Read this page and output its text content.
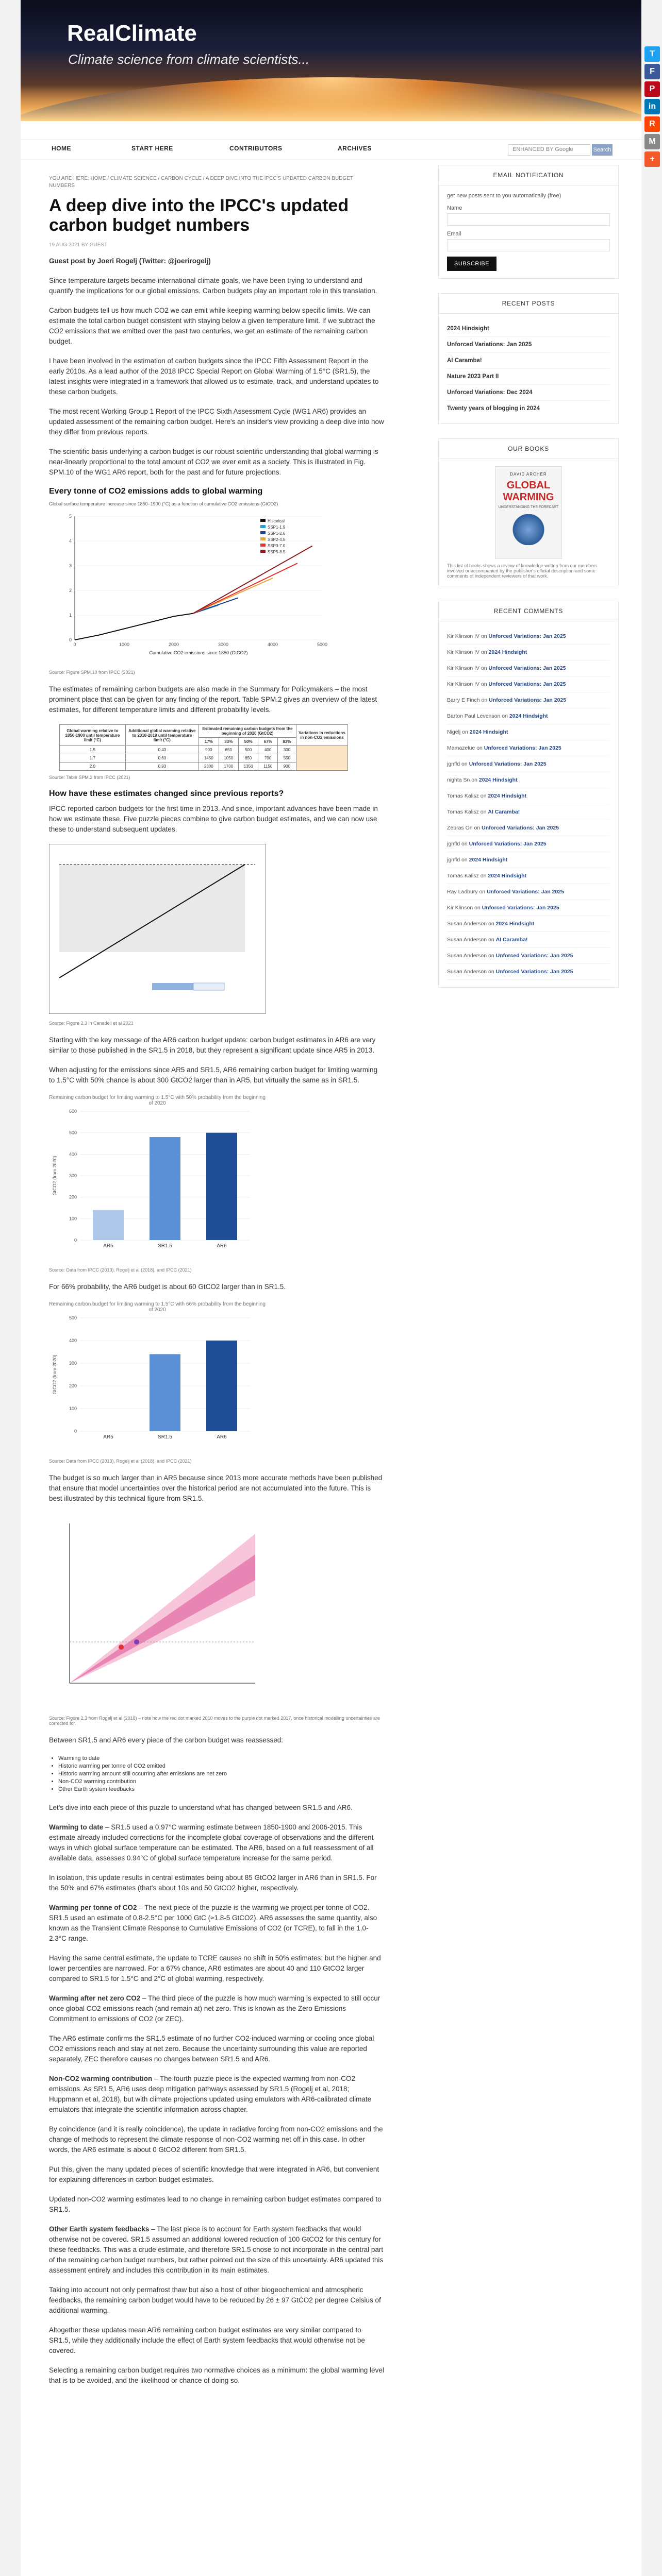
RealClimate
Climate science from climate scientists...	T
F
P
in
R
M
+
HOME	START HERE	CONTRIBUTORS	ARCHIVES	ENHANCED BY Google	Search
YOU ARE HERE: HOME / CLIMATE SCIENCE / CARBON CYCLE / A DEEP DIVE INTO THE IPCC'S UPDATED CARBON BUDGET NUMBERS
A deep dive into the IPCC's updated carbon budget numbers
19 AUG 2021 BY GUEST

Guest post by Joeri Rogelj (Twitter: @joerirogelj)

Since temperature targets became international climate goals, we have been trying to understand and quantify the implications for our global emissions. Carbon budgets play an important role in this translation.

Carbon budgets tell us how much CO2 we can emit while keeping warming below specific limits. We can estimate the total carbon budget consistent with staying below a given temperature limit. If we subtract the CO2 emissions that we emitted over the past two centuries, we get an estimate of the remaining carbon budget.

I have been involved in the estimation of carbon budgets since the IPCC Fifth Assessment Report in the early 2010s. As a lead author of the 2018 IPCC Special Report on Global Warming of 1.5°C (SR1.5), the latest insights were integrated in a framework that allowed us to estimate, track, and understand updates to these carbon budgets.

The most recent Working Group 1 Report of the IPCC Sixth Assessment Cycle (WG1 AR6) provides an updated assessment of the remaining carbon budget. Here's an insider's view providing a deep dive into how they differ from previous reports.

The scientific basis underlying a carbon budget is our robust scientific understanding that global warming is near-linearly proportional to the total amount of CO2 we ever emit as a society. This is illustrated in Fig. SPM.10 of the WG1 AR6 report, both for the past and for future projections.

Every tonne of CO2 emissions adds to global warming
Global surface temperature increase since 1850–1900 (°C) as a function of cumulative CO2 emissions (GtCO2)
0
1
2
3
4
5
0	1000	2000	3000	4000	5000
Historical
SSP1-1.9
SSP1-2.6
SSP2-4.5
SSP3-7.0
SSP5-8.5
Cumulative CO2 emissions since 1850 (GtCO2)
Source: Figure SPM.10 from IPCC (2021)

The estimates of remaining carbon budgets are also made in the Summary for Policymakers – the most prominent place that can be given for any finding of the report. Table SPM.2 gives an overview of the latest estimates, for different temperature limits and different probability levels.

Global warming relative to 1850-1900 until temperature limit (°C)	Additional global warming relative to 2010-2019 until temperature limit (°C)	Estimated remaining carbon budgets from the beginning of 2020 (GtCO2)					Variations in reductions in non-CO2 emissions
		17%	33%	50%	67%	83%	
1.5	0.43	900	650	500	400	300	
1.7	0.63	1450	1050	850	700	550	
2.0	0.93	2300	1700	1350	1150	900	
Source: Table SPM.2 from IPCC (2021)
How have these estimates changed since previous reports?

IPCC reported carbon budgets for the first time in 2013. And since, important advances have been made in how we estimate these. Five puzzle pieces combine to give carbon budget estimates, and we can now use these to understand subsequent updates.

Source: Figure 2.3 in Canadell et al 2021

Starting with the key message of the AR6 carbon budget update: carbon budget estimates in AR6 are very similar to those published in the SR1.5 in 2018, but they represent a significant update since AR5 in 2013.

When adjusting for the emissions since AR5 and SR1.5, AR6 remaining carbon budget for limiting warming to 1.5°C with 50% chance is about 300 GtCO2 larger than in AR5, but virtually the same as in SR1.5.

Remaining carbon budget for limiting warming to 1.5°C with 50% probability from the beginning of 2020
0
100
200
300
400
500
600
GtCO2 (from 2020)
AR5	SR1.5	AR6
Source: Data from IPCC (2013), Rogelj et al (2018), and IPCC (2021)

For 66% probability, the AR6 budget is about 60 GtCO2 larger than in SR1.5.

Remaining carbon budget for limiting warming to 1.5°C with 66% probability from the beginning of 2020
0
100
200
300
400
500
GtCO2 (from 2020)
AR5	SR1.5	AR6
Source: Data from IPCC (2013), Rogelj et al (2018), and IPCC (2021)

The budget is so much larger than in AR5 because since 2013 more accurate methods have been published that ensure that model uncertainties over the historical period are not accumulated into the future. This is best illustrated by this technical figure from SR1.5.

Source: Figure 2.3 from Rogelj et al (2018) – note how the red dot marked 2010 moves to the purple dot marked 2017, once historical modelling uncertainties are corrected for.

Between SR1.5 and AR6 every piece of the carbon budget was reassessed:

• Warming to date
• Historic warming per tonne of CO2 emitted
• Historic warming amount still occurring after emissions are net zero
• Non-CO2 warming contribution
• Other Earth system feedbacks

Let's dive into each piece of this puzzle to understand what has changed between SR1.5 and AR6.

Warming to date – SR1.5 used a 0.97°C warming estimate between 1850-1900 and 2006-2015. This estimate already included corrections for the incomplete global coverage of observations and the different ways in which global surface temperature can be estimated. The AR6, based on a full reassessment of all available data, assesses 0.94°C of global surface temperature increase for the same period.

In isolation, this update results in central estimates being about 85 GtCO2 larger in AR6 than in SR1.5. For the 50% and 67% estimates (that's about 10s and 50 GtCO2 higher, respectively.

Warming per tonne of CO2 – The next piece of the puzzle is the warming we project per tonne of CO2. SR1.5 used an estimate of 0.8-2.5°C per 1000 GtC (≈1.8-5 GtCO2). AR6 assesses the same quantity, also known as the Transient Climate Response to Cumulative Emissions of CO2 (or TCRE), to fall in the 1.0-2.3°C range.

Having the same central estimate, the update to TCRE causes no shift in 50% estimates; but the higher and lower percentiles are narrowed. For a 67% chance, AR6 estimates are about 40 and 110 GtCO2 larger compared to SR1.5 for 1.5°C and 2°C of global warming, respectively.

Warming after net zero CO2 – The third piece of the puzzle is how much warming is expected to still occur once global CO2 emissions reach (and remain at) net zero. This is known as the Zero Emissions Commitment to emissions of CO2 (or ZEC).

The AR6 estimate confirms the SR1.5 estimate of no further CO2-induced warming or cooling once global CO2 emissions reach and stay at net zero. Because the uncertainty surrounding this value are reported separately, ZEC therefore causes no changes between SR1.5 and AR6.

Non-CO2 warming contribution – The fourth puzzle piece is the expected warming from non-CO2 emissions. As SR1.5, AR6 uses deep mitigation pathways assessed by SR1.5 (Rogelj et al, 2018; Huppmann et al, 2018), but with climate projections updated using emulators with AR6-calibrated climate emulators that integrate the scientific information across chapter.

By coincidence (and it is really coincidence), the update in radiative forcing from non-CO2 emissions and the change of methods to represent the climate response of non-CO2 warming net off in this case. In other words, the AR6 estimate is about 0 GtCO2 different from SR1.5.

Put this, given the many updated pieces of scientific knowledge that were integrated in AR6, but convenient for explaining differences in carbon budget estimates.

Updated non-CO2 warming estimates lead to no change in remaining carbon budget estimates compared to SR1.5.

Other Earth system feedbacks – The last piece is to account for Earth system feedbacks that would otherwise not be covered. SR1.5 assumed an additional lowered reduction of 100 GtCO2 for this century for these feedbacks. This was a crude estimate, and therefore SR1.5 chose to not incorporate in the central part of the remaining carbon budget numbers, but rather pointed out the size of this uncertainty. AR6 updated this assessment entirely and includes this contribution in its main estimates.

Taking into account not only permafrost thaw but also a host of other biogeochemical and atmospheric feedbacks, the remaining carbon budget would have to be reduced by 26 ± 97 GtCO2 per degree Celsius of additional warming.

Altogether these updates mean AR6 remaining carbon budget estimates are very similar compared to SR1.5, while they additionally include the effect of Earth system feedbacks that would otherwise not be covered.

Selecting a remaining carbon budget requires two normative choices as a minimum: the global warming level that is to be avoided, and the likelihood or chance of doing so.

EMAIL NOTIFICATION
get new posts sent to you automatically (free)

Name
Email
SUBSCRIBE
RECENT POSTS
2024 Hindsight
Unforced Variations: Jan 2025
AI Caramba!
Nature 2023 Part II
Unforced Variations: Dec 2024
Twenty years of blogging in 2024
OUR BOOKS
DAVID ARCHER
GLOBAL
WARMING
UNDERSTANDING THE FORECAST
This list of books shows a review of knowledge written from our members involved or accompanied by the publisher's official description and some comments of independent reviewers of that work.
RECENT COMMENTS
Kir Klinson IV on Unforced Variations: Jan 2025
Kir Klinson IV on 2024 Hindsight
Kir Klinson IV on Unforced Variations: Jan 2025
Kir Klinson IV on Unforced Variations: Jan 2025
Barry E Finch on Unforced Variations: Jan 2025
Barton Paul Levenson on 2024 Hindsight
Nigelj on 2024 Hindsight
Mamazelue on Unforced Variations: Jan 2025
jgnfld on Unforced Variations: Jan 2025
nighta Sn on 2024 Hindsight
Tomas Kalisz on 2024 Hindsight
Tomas Kalisz on AI Caramba!
Zebras On on Unforced Variations: Jan 2025
jgnfld on Unforced Variations: Jan 2025
jgnfld on 2024 Hindsight
Tomas Kalisz on 2024 Hindsight
Ray Ladbury on Unforced Variations: Jan 2025
Kir Klinson on Unforced Variations: Jan 2025
Susan Anderson on 2024 Hindsight
Susan Anderson on AI Caramba!
Susan Anderson on Unforced Variations: Jan 2025
Susan Anderson on Unforced Variations: Jan 2025
